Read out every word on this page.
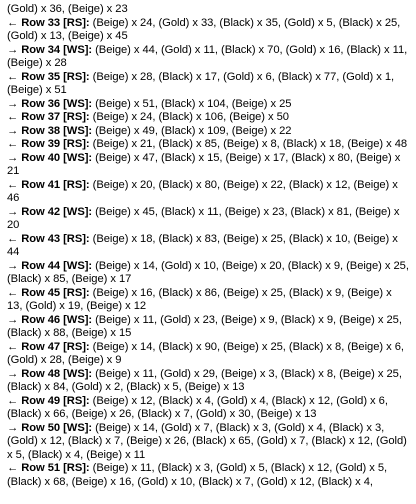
(Gold) x 36, (Beige) x 23

← Row 33 [RS]: (Beige) x 24, (Gold) x 33, (Black) x 35, (Gold) x 5, (Black) x 25, (Gold) x 13, (Beige) x 45

→ Row 34 [WS]: (Beige) x 44, (Gold) x 11, (Black) x 70, (Gold) x 16, (Black) x 11, (Beige) x 28

← Row 35 [RS]: (Beige) x 28, (Black) x 17, (Gold) x 6, (Black) x 77, (Gold) x 1, (Beige) x 51

→ Row 36 [WS]: (Beige) x 51, (Black) x 104, (Beige) x 25

← Row 37 [RS]: (Beige) x 24, (Black) x 106, (Beige) x 50

→ Row 38 [WS]: (Beige) x 49, (Black) x 109, (Beige) x 22

← Row 39 [RS]: (Beige) x 21, (Black) x 85, (Beige) x 8, (Black) x 18, (Beige) x 48

→ Row 40 [WS]: (Beige) x 47, (Black) x 15, (Beige) x 17, (Black) x 80, (Beige) x 21

← Row 41 [RS]: (Beige) x 20, (Black) x 80, (Beige) x 22, (Black) x 12, (Beige) x 46

→ Row 42 [WS]: (Beige) x 45, (Black) x 11, (Beige) x 23, (Black) x 81, (Beige) x 20

← Row 43 [RS]: (Beige) x 18, (Black) x 83, (Beige) x 25, (Black) x 10, (Beige) x 44

→ Row 44 [WS]: (Beige) x 14, (Gold) x 10, (Beige) x 20, (Black) x 9, (Beige) x 25, (Black) x 85, (Beige) x 17

← Row 45 [RS]: (Beige) x 16, (Black) x 86, (Beige) x 25, (Black) x 9, (Beige) x 13, (Gold) x 19, (Beige) x 12

→ Row 46 [WS]: (Beige) x 11, (Gold) x 23, (Beige) x 9, (Black) x 9, (Beige) x 25, (Black) x 88, (Beige) x 15

← Row 47 [RS]: (Beige) x 14, (Black) x 90, (Beige) x 25, (Black) x 8, (Beige) x 6, (Gold) x 28, (Beige) x 9

→ Row 48 [WS]: (Beige) x 11, (Gold) x 29, (Beige) x 3, (Black) x 8, (Beige) x 25, (Black) x 84, (Gold) x 2, (Black) x 5, (Beige) x 13

← Row 49 [RS]: (Beige) x 12, (Black) x 4, (Gold) x 4, (Black) x 12, (Gold) x 6, (Black) x 66, (Beige) x 26, (Black) x 7, (Gold) x 30, (Beige) x 13

→ Row 50 [WS]: (Beige) x 14, (Gold) x 7, (Black) x 3, (Gold) x 4, (Black) x 3, (Gold) x 12, (Black) x 7, (Beige) x 26, (Black) x 65, (Gold) x 7, (Black) x 12, (Gold) x 5, (Black) x 4, (Beige) x 11

← Row 51 [RS]: (Beige) x 11, (Black) x 3, (Gold) x 5, (Black) x 12, (Gold) x 5, (Black) x 68, (Beige) x 16, (Gold) x 10, (Black) x 7, (Gold) x 12, (Black) x 4,
